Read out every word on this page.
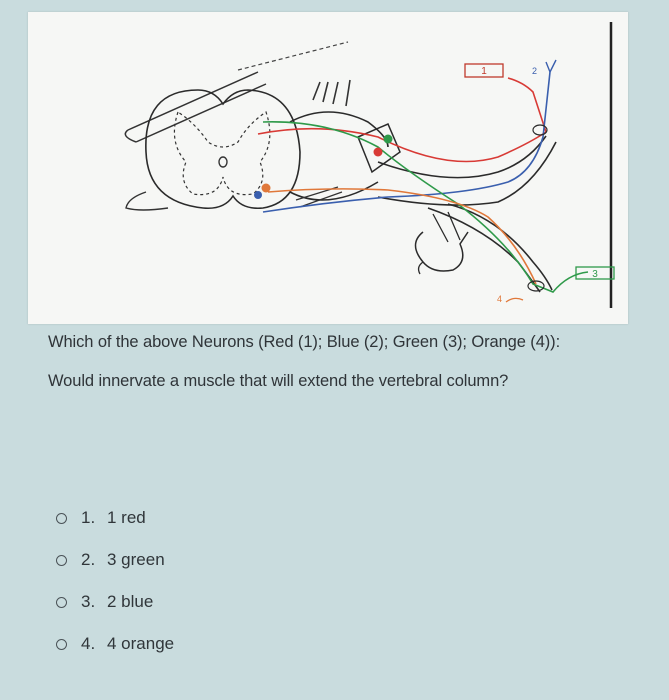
1
3
2
4
Which of the above Neurons (Red (1); Blue (2); Green (3); Orange (4)):
Would innervate a muscle that will extend the vertebral column?
1. 1 red
2. 3 green
3. 2 blue
4. 4 orange
